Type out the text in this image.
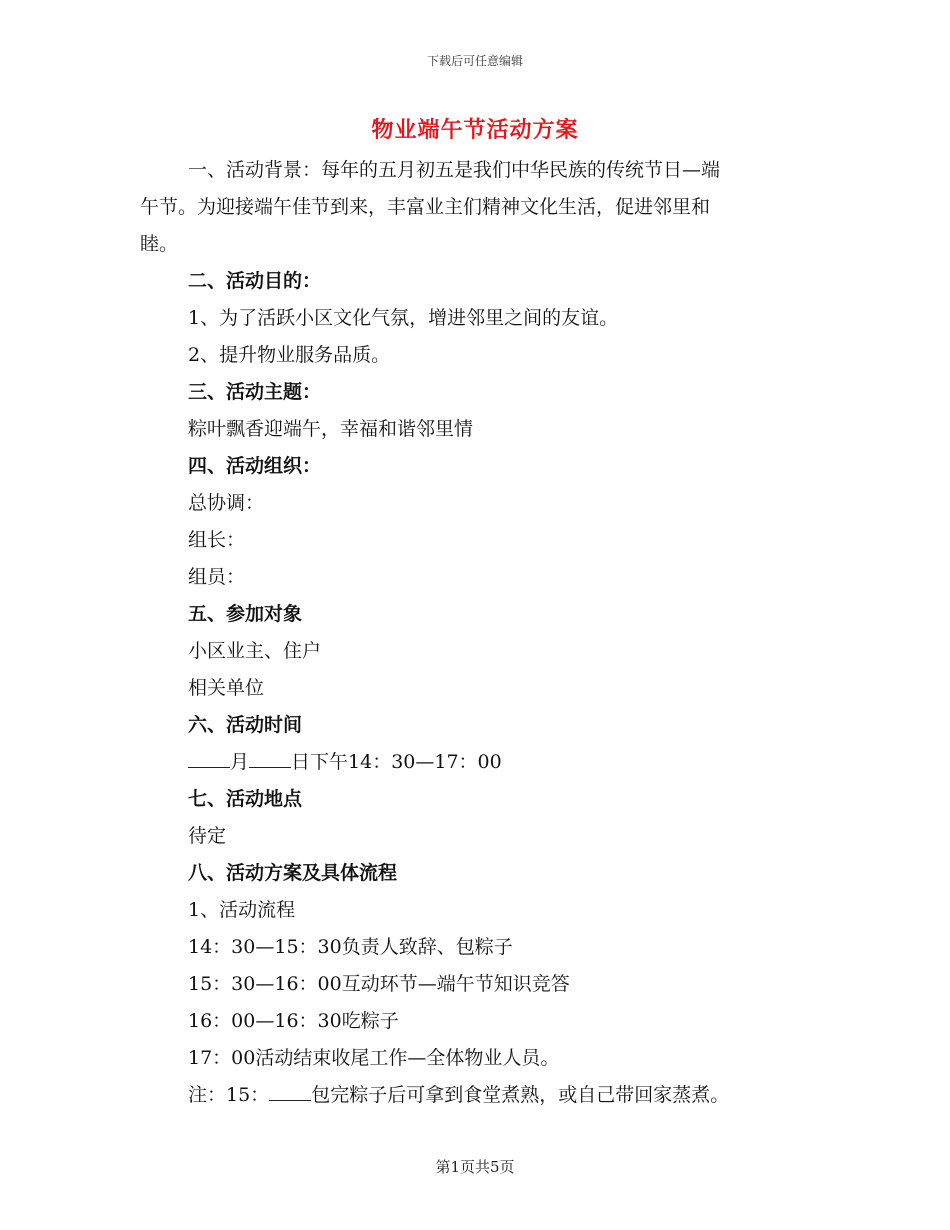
下载后可任意编辑
物业端午节活动方案

一、活动背景：每年的五月初五是我们中华民族的传统节日—端

午节。为迎接端午佳节到来，丰富业主们精神文化生活，促进邻里和

睦。

二、活动目的：

1、为了活跃小区文化气氛，增进邻里之间的友谊。

2、提升物业服务品质。

三、活动主题：

粽叶飘香迎端午，幸福和谐邻里情

四、活动组织：

总协调：

组长：

组员：

五、参加对象

小区业主、住户

相关单位

六、活动时间

月 日下午14：30—17：00

七、活动地点

待定

八、活动方案及具体流程

1、活动流程

14：30—15：30负责人致辞、包粽子

15：30—16：00互动环节—端午节知识竞答

16：00—16：30吃粽子

17：00活动结束收尾工作—全体物业人员。

注：15： 包完粽子后可拿到食堂煮熟，或自己带回家蒸煮。

第1页共5页
